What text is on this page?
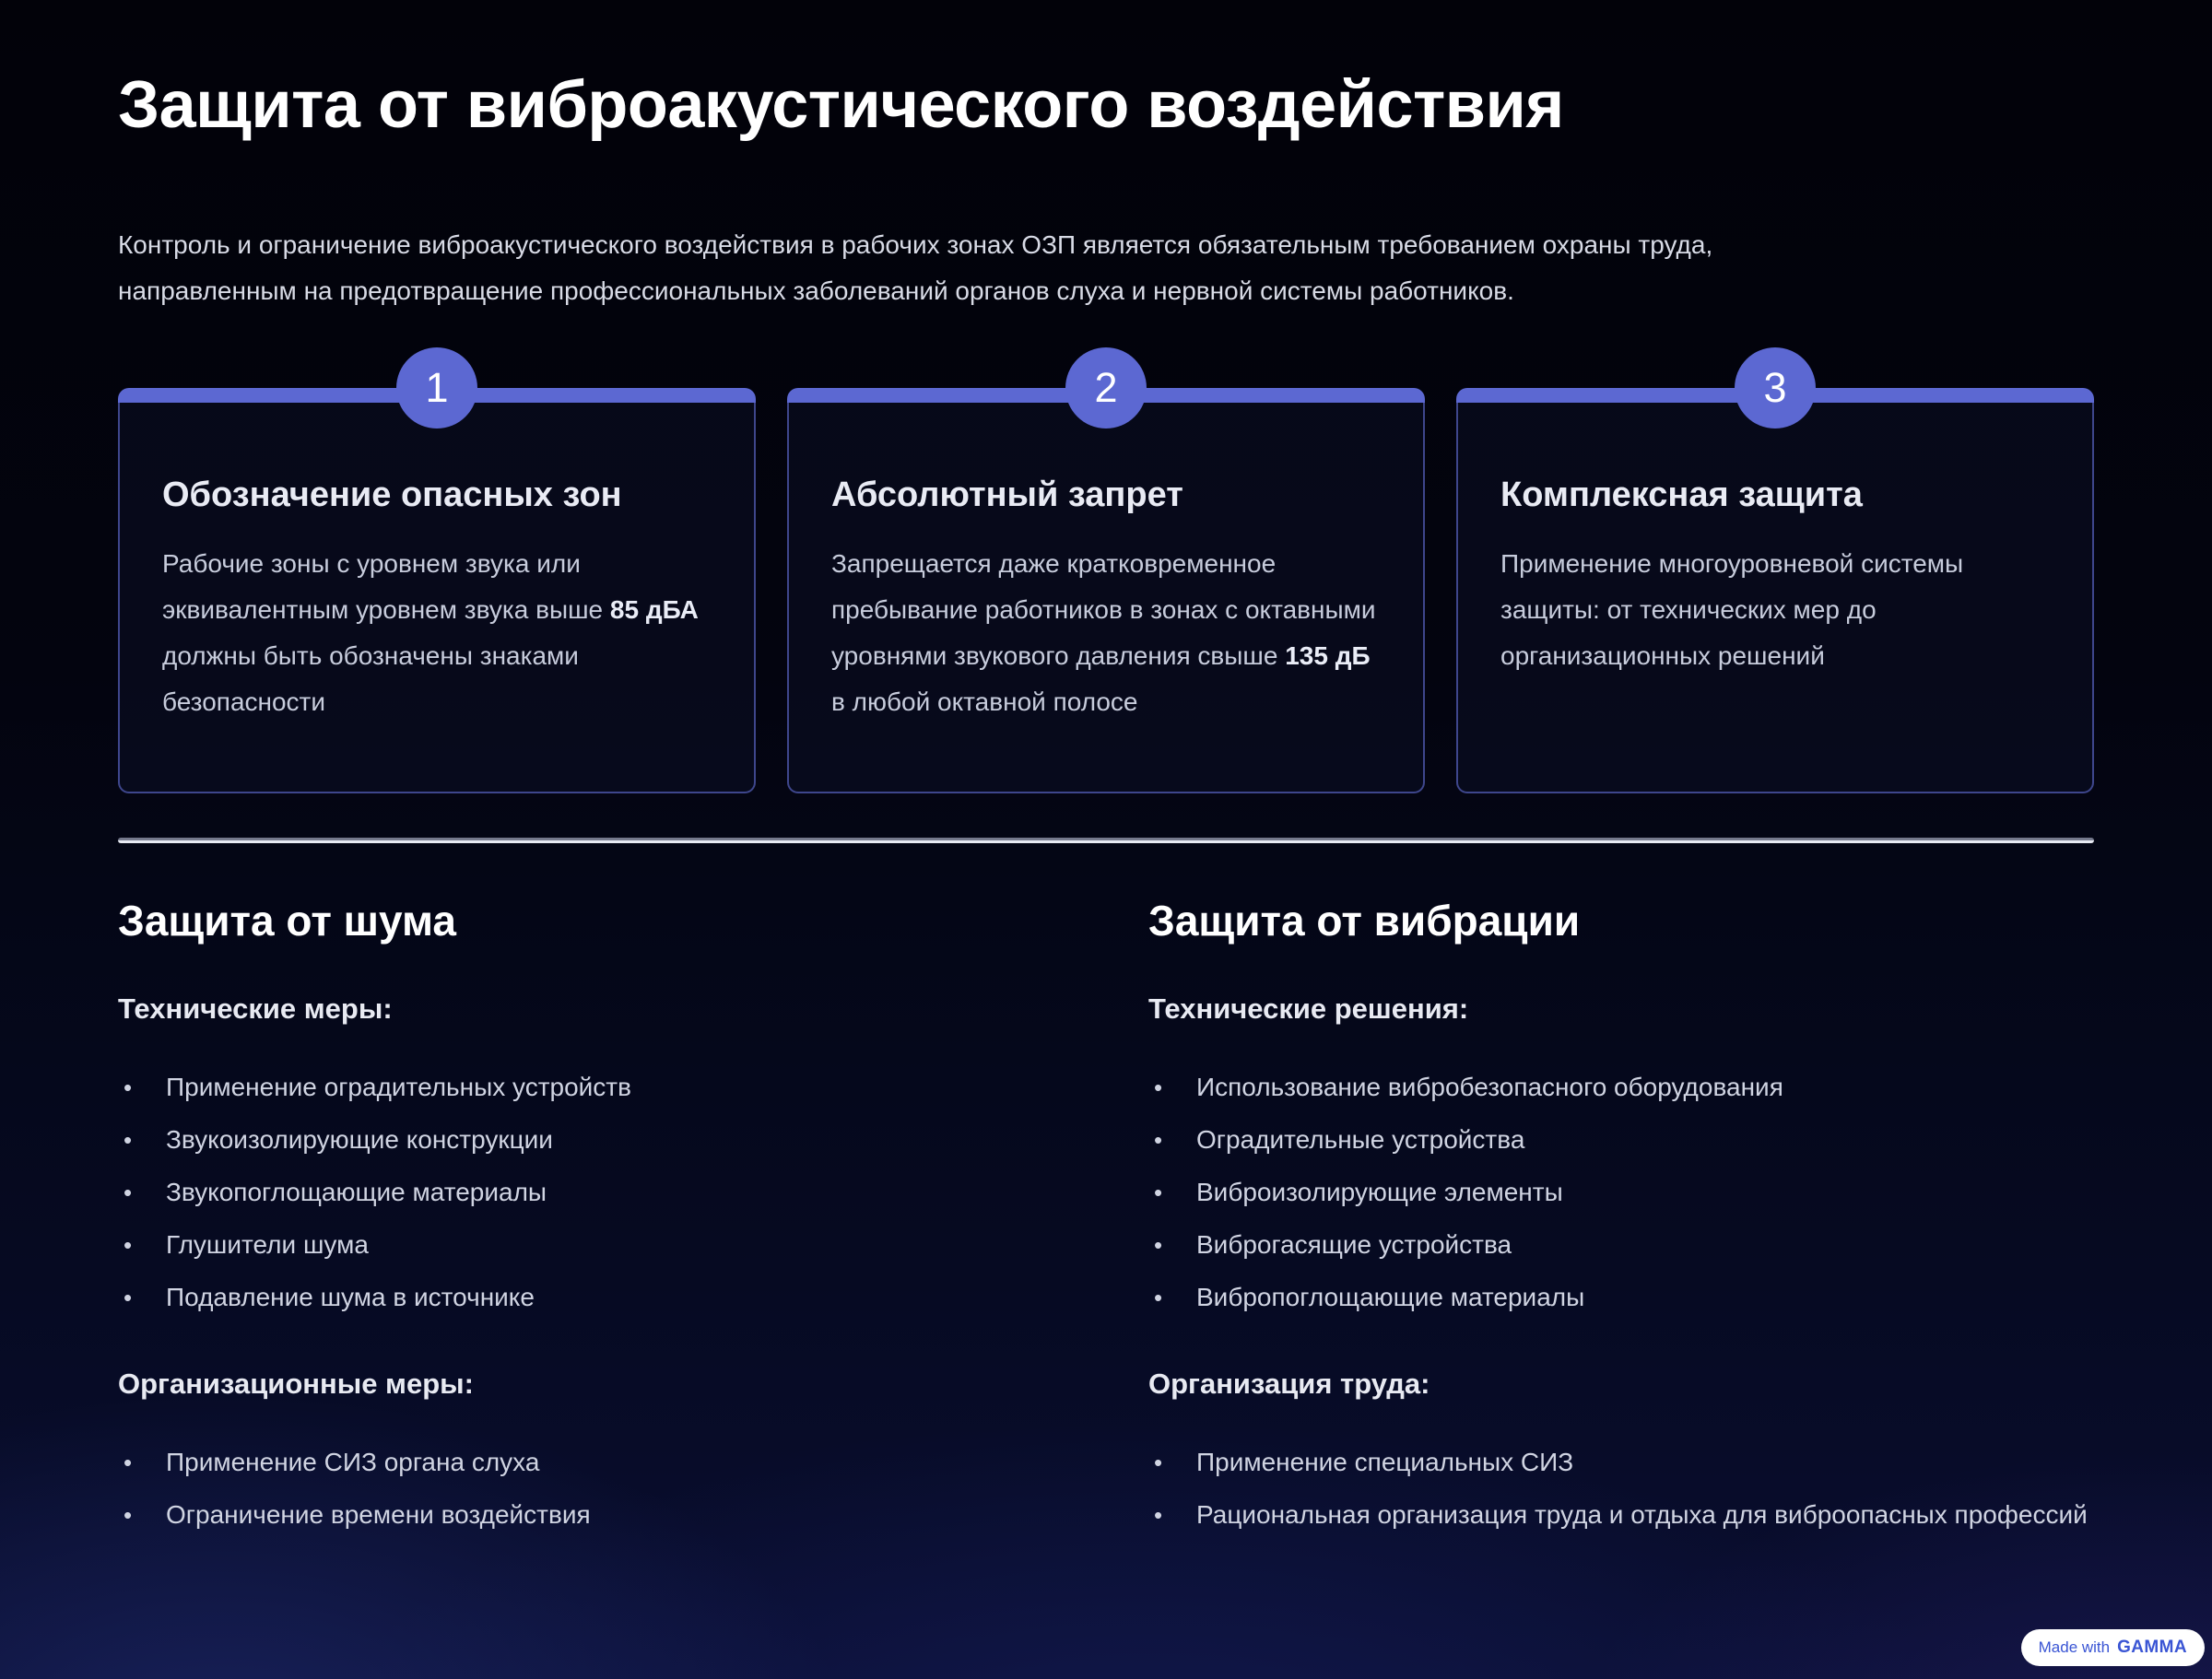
Защита от виброакустического воздействия

Контроль и ограничение виброакустического воздействия в рабочих зонах ОЗП является обязательным требованием охраны труда, направленным на предотвращение профессиональных заболеваний органов слуха и нервной системы работников.

1
Обозначение опасных зон

Рабочие зоны с уровнем звука или эквивалентным уровнем звука выше 85 дБА должны быть обозначены знаками безопасности

2
Абсолютный запрет

Запрещается даже кратковременное пребывание работников в зонах с октавными уровнями звукового давления свыше 135 дБ в любой октавной полосе

3
Комплексная защита

Применение многоуровневой системы защиты: от технических мер до организационных решений

Защита от шума

Технические меры:

•	Применение оградительных устройств
•	Звукоизолирующие конструкции
•	Звукопоглощающие материалы
•	Глушители шума
•	Подавление шума в источнике

Организационные меры:

•	Применение СИЗ органа слуха
•	Ограничение времени воздействия
Защита от вибрации

Технические решения:

•	Использование вибробезопасного оборудования
•	Оградительные устройства
•	Виброизолирующие элементы
•	Виброгасящие устройства
•	Вибропоглощающие материалы

Организация труда:

•	Применение специальных СИЗ
•	Рациональная организация труда и отдыха для виброопасных профессий
Made with GAMMA
